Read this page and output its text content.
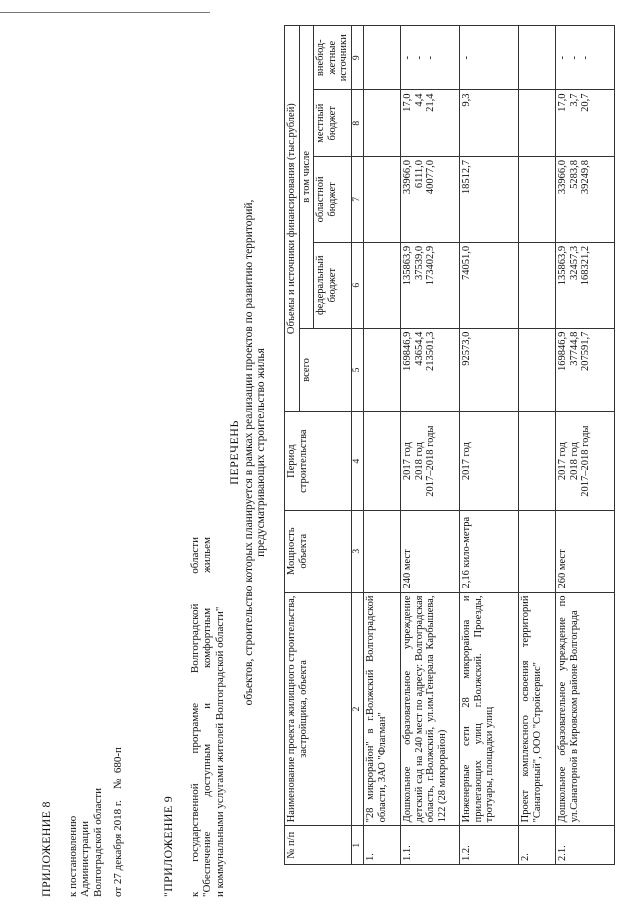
ПРИЛОЖЕНИЕ 8 к постановлению Администрации Волгоградской области от 27 декабря 2018 г.    №  680-п	"ПРИЛОЖЕНИЕ 9 к государственной программе Волгоградской области "Обеспечение доступным и комфортным жильем и коммунальными услугами жителей Волгоградской области"

ПЕРЕЧЕНЬ объектов, строительство которых планируется в рамках реализации проектов по развитию территорий, предусматривающих строительство жилья

№ п/п	Наименование проекта жилищного строительства, застройщика, объекта	Мощность объекта	Период строительства	Объемы и источники финансирования (тыс.рублей)				
				всего	в том числе			
					федеральный бюджет	областной бюджет	местный бюджет	внебюд-жетные источники
1	2	3	4	5	6	7	8	9
1.	"28 микрорайон" в г.Волжский Волгоградской области, ЗАО "Флагман"							
1.1.	Дошкольное образовательное учреждение детский сад на 240 мест по адресу: Волгоградская область, г.Волжский, ул.им.Генерала Карбышева, 122 (28 микрорайон)	240 мест	2017 год 2018 год 2017–2018 годы	169846,9 43654,4 213501,3	135863,9 37539,0 173402,9	33966,0 6111,0 40077,0	17,0 4,4 21,4	- - -

1.2.	Инженерные сети 28 микрорайона и прилегающих улиц г.Волжский. Проезды, тротуары, площадки улиц	2,16 кило-метра	2017 год	92573,0	74051,0	18512,7	9,3	-

2.	Проект комплексного освоения территорий "Санаторный", ООО "Стройсервис"							
2.1.	Дошкольное образовательное учреждение по ул.Санаторной в Кировском районе Волгограда	260 мест	2017 год 2018 год 2017–2018 годы	169846,9 37744,8 207591,7	135863,9 32457,3 168321,2	33966,0 5283,8 39249,8	17,0 3,7 20,7	- - -
